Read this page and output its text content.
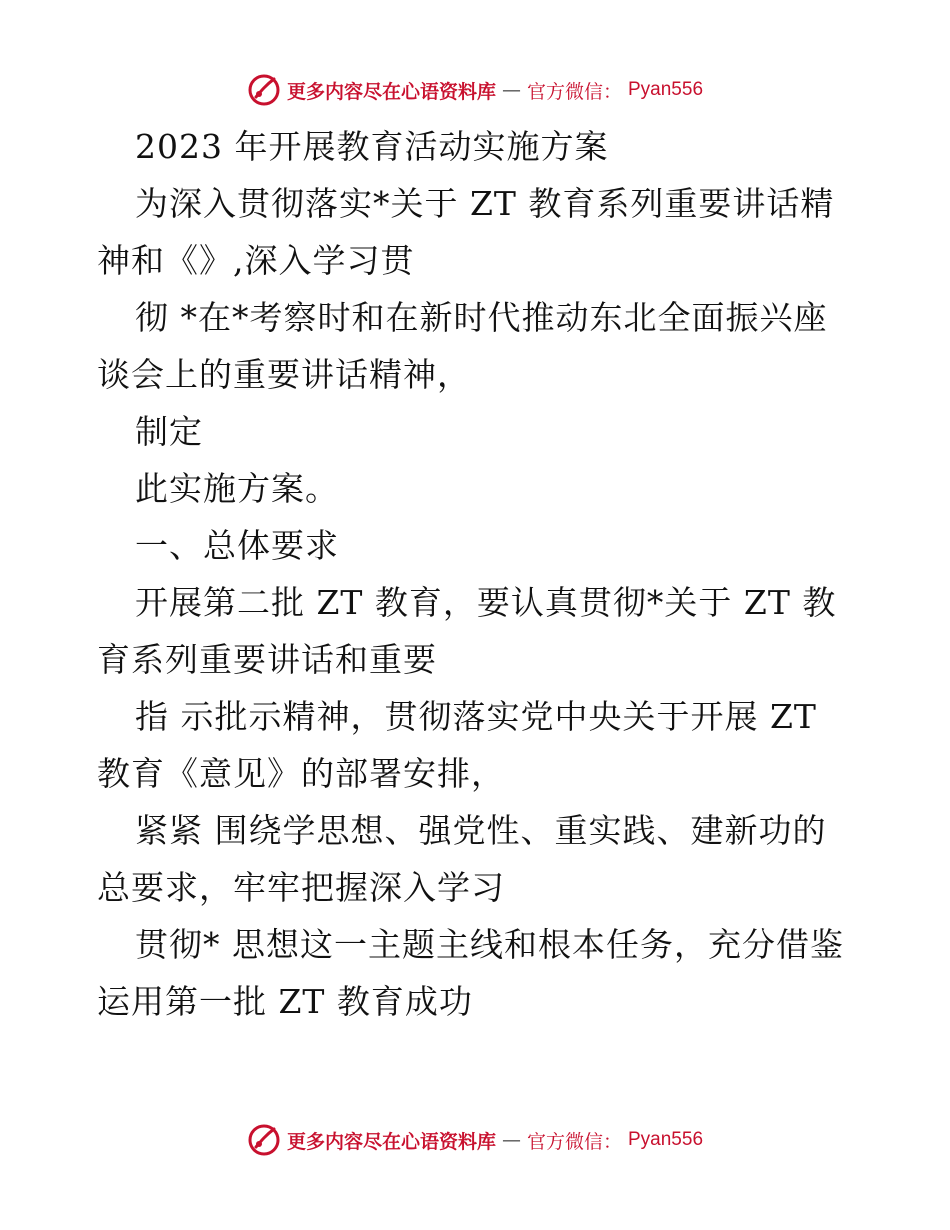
更多内容尽在心语资料库 — 官方微信： Pyan556
2023 年开展教育活动实施方案
为深入贯彻落实*关于 ZT 教育系列重要讲话精
神和《》,深入学习贯
彻 *在*考察时和在新时代推动东北全面振兴座
谈会上的重要讲话精神，
制定
此实施方案。
一、总体要求
开展第二批 ZT 教育，要认真贯彻*关于 ZT 教
育系列重要讲话和重要
指 示批示精神，贯彻落实党中央关于开展 ZT
教育《意见》的部署安排，
紧紧 围绕学思想、强党性、重实践、建新功的
总要求，牢牢把握深入学习
贯彻* 思想这一主题主线和根本任务，充分借鉴
运用第一批 ZT 教育成功
更多内容尽在心语资料库 — 官方微信： Pyan556
